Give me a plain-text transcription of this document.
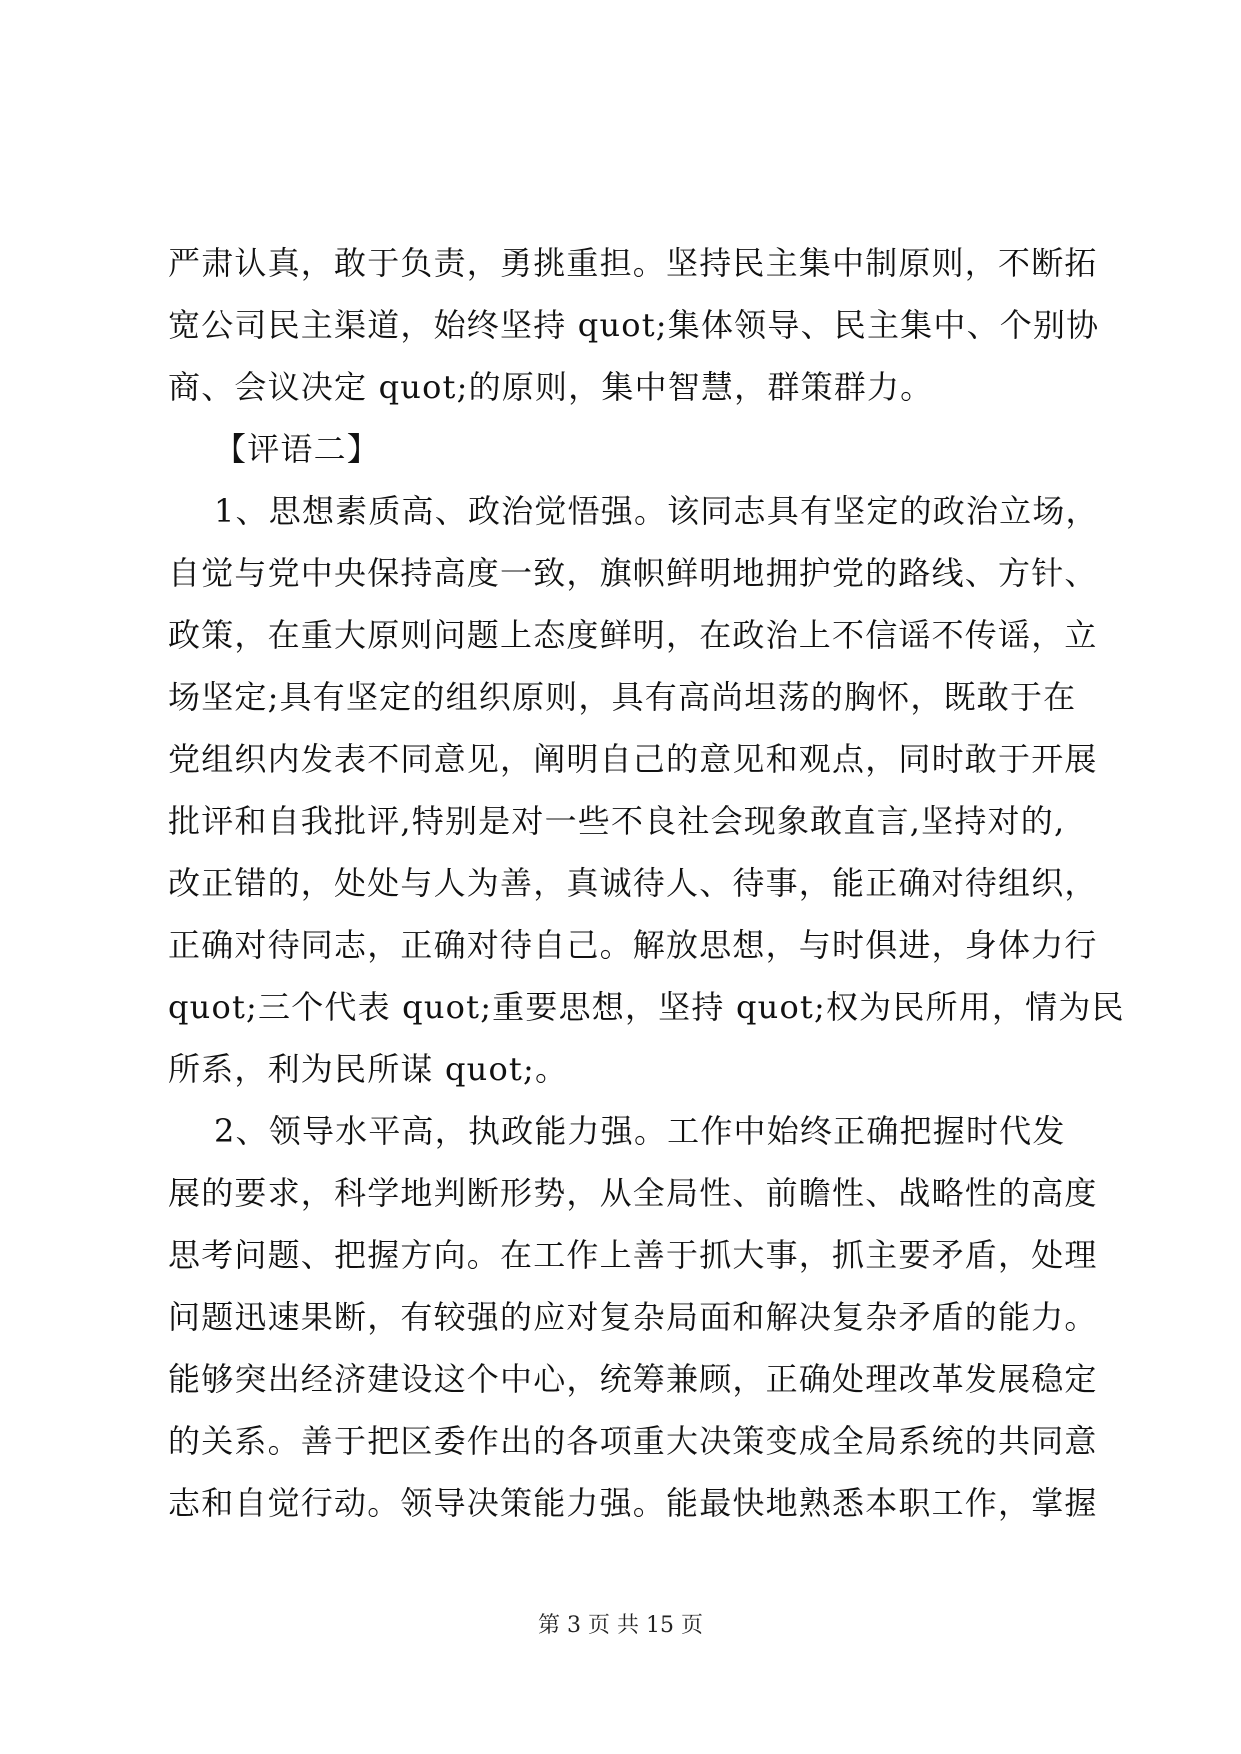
严肃认真，敢于负责，勇挑重担。坚持民主集中制原则，不断拓
宽公司民主渠道，始终坚持 quot;集体领导、民主集中、个别协
商、会议决定 quot;的原则，集中智慧，群策群力。
【评语二】
1、思想素质高、政治觉悟强。该同志具有坚定的政治立场，
自觉与党中央保持高度一致，旗帜鲜明地拥护党的路线、方针、
政策，在重大原则问题上态度鲜明，在政治上不信谣不传谣，立
场坚定;具有坚定的组织原则，具有高尚坦荡的胸怀，既敢于在
党组织内发表不同意见，阐明自己的意见和观点，同时敢于开展
批评和自我批评,特别是对一些不良社会现象敢直言,坚持对的,
改正错的，处处与人为善，真诚待人、待事，能正确对待组织，
正确对待同志，正确对待自己。解放思想，与时俱进，身体力行
quot;三个代表 quot;重要思想，坚持 quot;权为民所用，情为民
所系，利为民所谋 quot;。
2、领导水平高，执政能力强。工作中始终正确把握时代发
展的要求，科学地判断形势，从全局性、前瞻性、战略性的高度
思考问题、把握方向。在工作上善于抓大事，抓主要矛盾，处理
问题迅速果断，有较强的应对复杂局面和解决复杂矛盾的能力。
能够突出经济建设这个中心，统筹兼顾，正确处理改革发展稳定
的关系。善于把区委作出的各项重大决策变成全局系统的共同意
志和自觉行动。领导决策能力强。能最快地熟悉本职工作，掌握
第 3 页 共 15 页
